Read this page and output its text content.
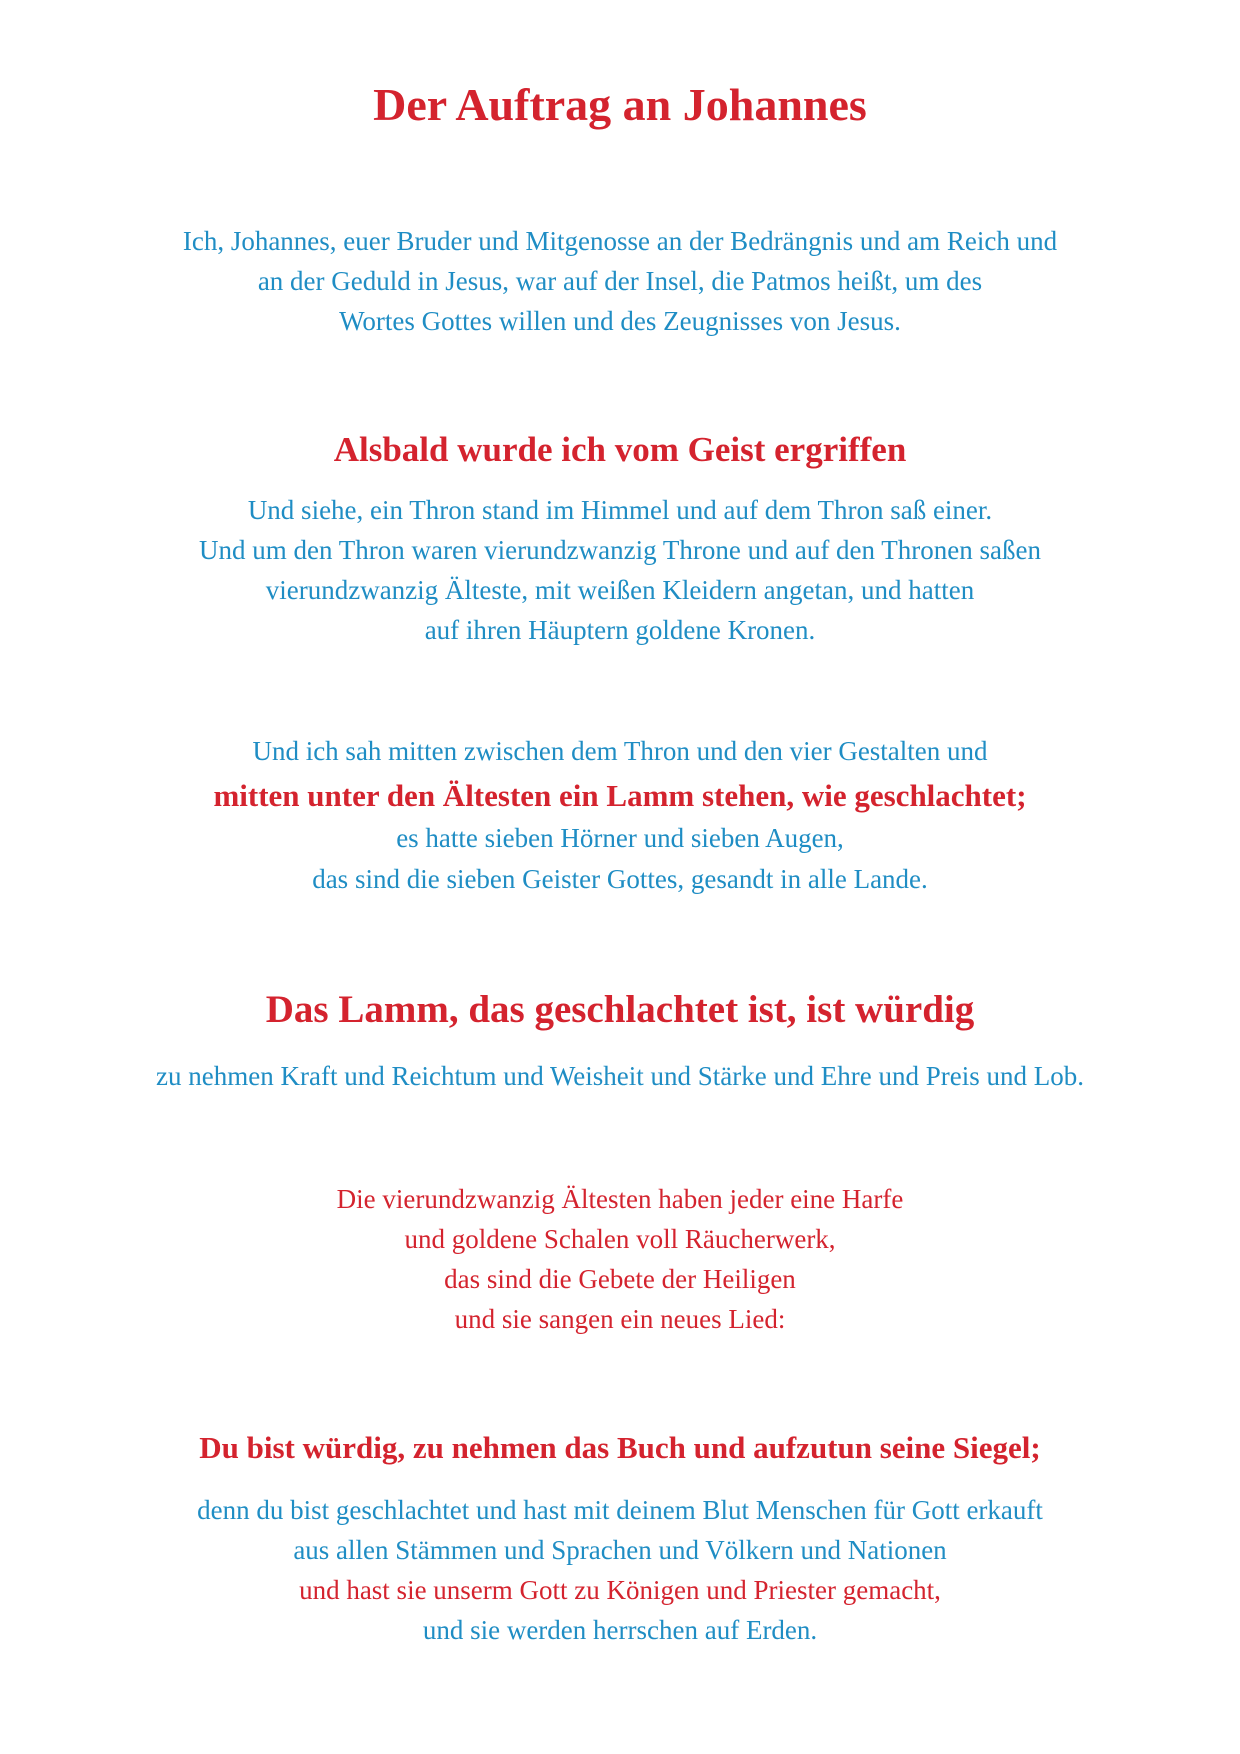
Der Auftrag an Johannes
Ich, Johannes, euer Bruder und Mitgenosse an der Bedrängnis und am Reich und
an der Geduld in Jesus, war auf der Insel, die Patmos heißt, um des
Wortes Gottes willen und des Zeugnisses von Jesus.
Alsbald wurde ich vom Geist ergriffen
Und siehe, ein Thron stand im Himmel und auf dem Thron saß einer.
Und um den Thron waren vierundzwanzig Throne und auf den Thronen saßen
vierundzwanzig Älteste, mit weißen Kleidern angetan, und hatten
auf ihren Häuptern goldene Kronen.
Und ich sah mitten zwischen dem Thron und den vier Gestalten und
mitten unter den Ältesten ein Lamm stehen, wie geschlachtet;
es hatte sieben Hörner und sieben Augen,
das sind die sieben Geister Gottes, gesandt in alle Lande.
Das Lamm, das geschlachtet ist, ist würdig
zu nehmen Kraft und Reichtum und Weisheit und Stärke und Ehre und Preis und Lob.
Die vierundzwanzig Ältesten haben jeder eine Harfe
und goldene Schalen voll Räucherwerk,
das sind die Gebete der Heiligen
und sie sangen ein neues Lied:
Du bist würdig, zu nehmen das Buch und aufzutun seine Siegel;
denn du bist geschlachtet und hast mit deinem Blut Menschen für Gott erkauft
aus allen Stämmen und Sprachen und Völkern und Nationen
und hast sie unserm Gott zu Königen und Priester gemacht,
und sie werden herrschen auf Erden.
